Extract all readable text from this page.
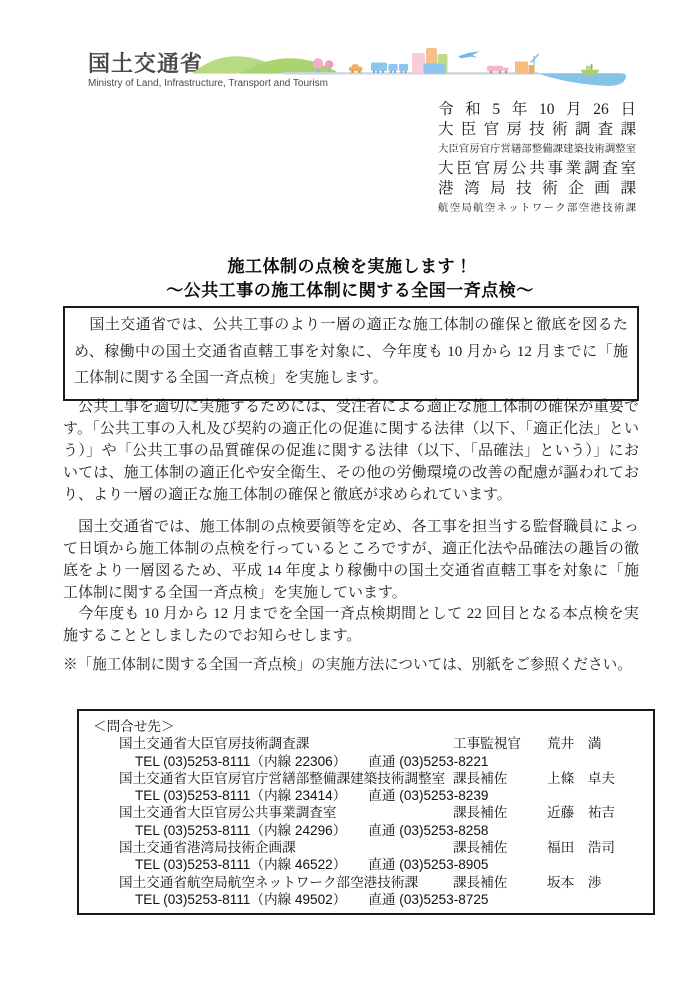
国土交通省
Ministry of Land, Infrastructure, Transport and Tourism
令和5年10月26日
大臣官房技術調査課
大臣官房官庁営繕部整備課建築技術調整室
大臣官房公共事業調査室
港湾局技術企画課
航空局航空ネットワーク部空港技術課
施工体制の点検を実施します！
～公共工事の施工体制に関する全国一斉点検～

　国土交通省では、公共工事のより一層の適正な施工体制の確保と徹底を図るため、稼働中の国土交通省直轄工事を対象に、今年度も 10 月から 12 月までに「施工体制に関する全国一斉点検」を実施します。

　公共工事を適切に実施するためには、受注者による適正な施工体制の確保が重要です。「公共工事の入札及び契約の適正化の促進に関する法律（以下、「適正化法」という）」や「公共工事の品質確保の促進に関する法律（以下、「品確法」という）」においては、施工体制の適正化や安全衛生、その他の労働環境の改善の配慮が謳われており、より一層の適正な施工体制の確保と徹底が求められています。

　国土交通省では、施工体制の点検要領等を定め、各工事を担当する監督職員によって日頃から施工体制の点検を行っているところですが、適正化法や品確法の趣旨の徹底をより一層図るため、平成 14 年度より稼働中の国土交通省直轄工事を対象に「施工体制に関する全国一斉点検」を実施しています。

　今年度も 10 月から 12 月までを全国一斉点検期間として 22 回目となる本点検を実施することとしましたのでお知らせします。

※「施工体制に関する全国一斉点検」の実施方法については、別紙をご参照ください。

＜問合せ先＞
国土交通省大臣官房技術調査課	工事監視官	荒井　満
TEL (03)5253-8111（内線 22306） 直通 (03)5253-8221
国土交通省大臣官房官庁営繕部整備課建築技術調整室 課長補佐	上條　卓夫
TEL (03)5253-8111（内線 23414） 直通 (03)5253-8239
国土交通省大臣官房公共事業調査室	課長補佐	近藤　祐吉
TEL (03)5253-8111（内線 24296） 直通 (03)5253-8258
国土交通省港湾局技術企画課	課長補佐	福田　浩司
TEL (03)5253-8111（内線 46522） 直通 (03)5253-8905
国土交通省航空局航空ネットワーク部空港技術課	課長補佐	坂本　渉
TEL (03)5253-8111（内線 49502） 直通 (03)5253-8725
